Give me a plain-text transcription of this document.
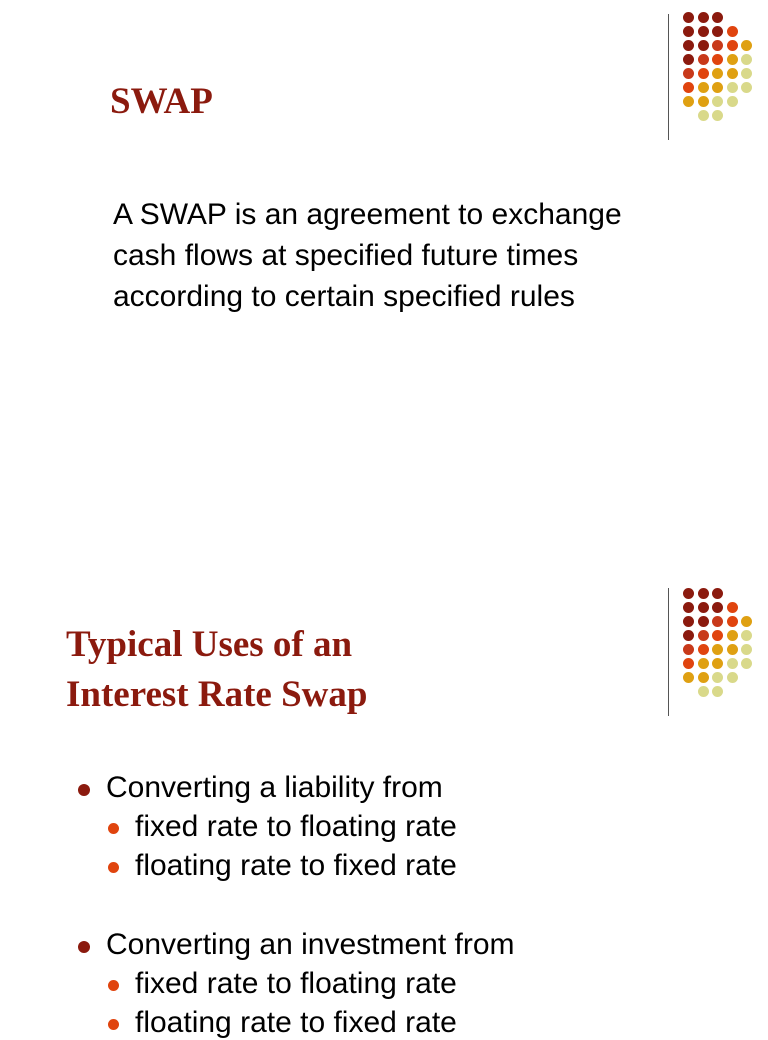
SWAP

A SWAP is an agreement to exchange cash flows at specified future times according to certain specified rules

Typical Uses of an
Interest Rate Swap
Converting a liability from
fixed rate to floating rate
floating rate to fixed rate
Converting an investment from
fixed rate to floating rate
floating rate to fixed rate
